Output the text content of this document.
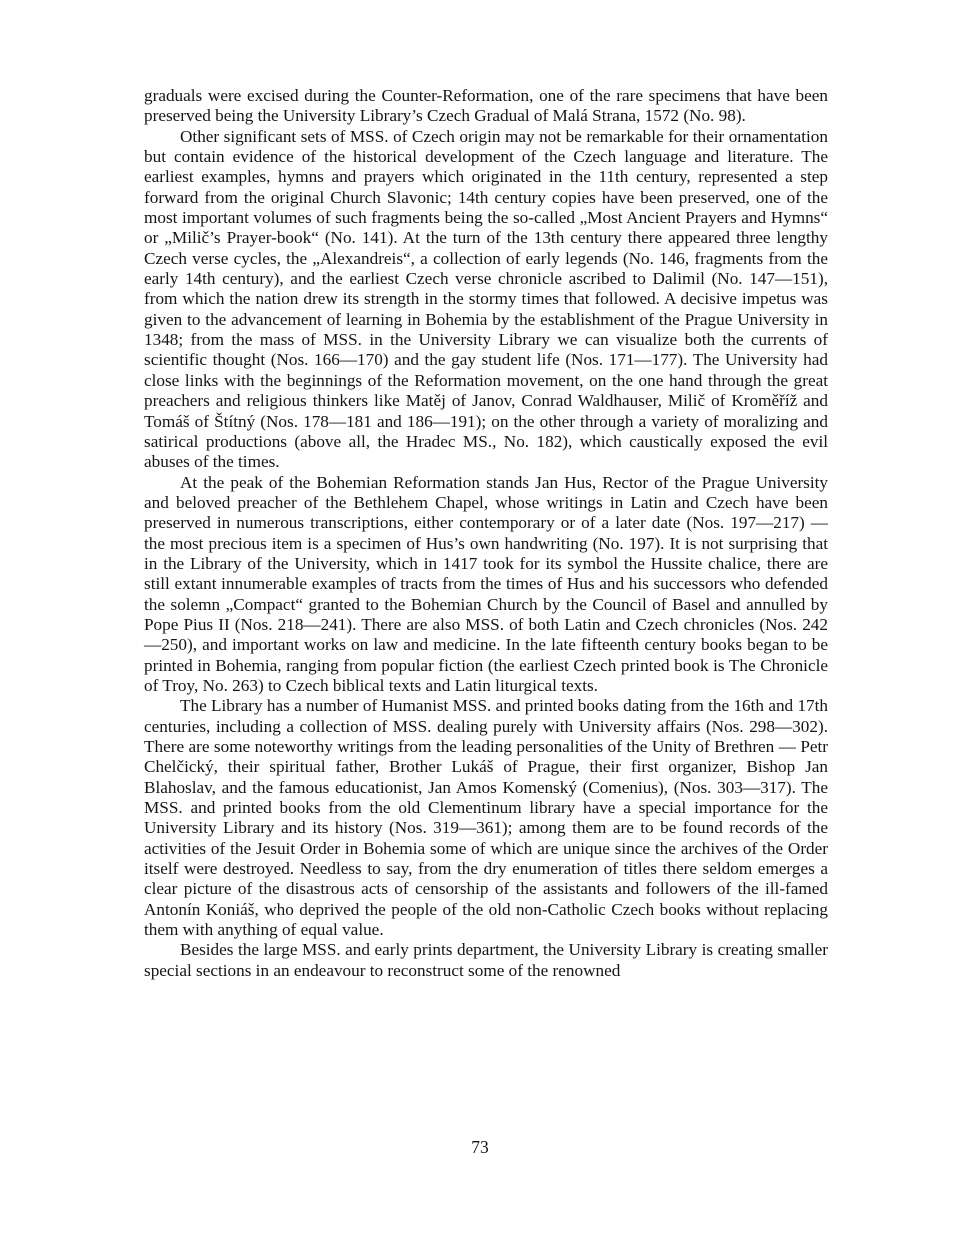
graduals were excised during the Counter-Reformation, one of the rare specimens that have been preserved being the University Library’s Czech Gradual of Malá Strana, 1572 (No. 98).

Other significant sets of MSS. of Czech origin may not be remarkable for their ornamentation but contain evidence of the historical development of the Czech language and literature. The earliest examples, hymns and prayers which originated in the 11th century, represented a step forward from the original Church Slavonic; 14th century copies have been preserved, one of the most important volumes of such fragments being the so-called „Most Ancient Prayers and Hymns“ or „Milič’s Prayer-book“ (No. 141). At the turn of the 13th century there appeared three lengthy Czech verse cycles, the „Alexandreis“, a collection of early legends (No. 146, fragments from the early 14th century), and the earliest Czech verse chronicle ascribed to Dalimil (No. 147—151), from which the nation drew its strength in the stormy times that followed. A decisive impetus was given to the advancement of learning in Bohemia by the establishment of the Prague University in 1348; from the mass of MSS. in the University Library we can visualize both the currents of scientific thought (Nos. 166—170) and the gay student life (Nos. 171—177). The University had close links with the beginnings of the Reformation movement, on the one hand through the great preachers and religious thinkers like Matěj of Janov, Conrad Waldhauser, Milič of Kroměříž and Tomáš of Štítný (Nos. 178—181 and 186—191); on the other through a variety of moralizing and satirical productions (above all, the Hradec MS., No. 182), which caustically exposed the evil abuses of the times.

At the peak of the Bohemian Reformation stands Jan Hus, Rector of the Prague University and beloved preacher of the Bethlehem Chapel, whose writings in Latin and Czech have been preserved in numerous transcriptions, either contemporary or of a later date (Nos. 197—217) — the most precious item is a specimen of Hus’s own handwriting (No. 197). It is not surprising that in the Library of the University, which in 1417 took for its symbol the Hussite chalice, there are still extant innumerable examples of tracts from the times of Hus and his successors who defended the solemn „Compact“ granted to the Bohemian Church by the Council of Basel and annulled by Pope Pius II (Nos. 218—241). There are also MSS. of both Latin and Czech chronicles (Nos. 242—250), and important works on law and medicine. In the late fifteenth century books began to be printed in Bohemia, ranging from popular fiction (the earliest Czech printed book is The Chronicle of Troy, No. 263) to Czech biblical texts and Latin liturgical texts.

The Library has a number of Humanist MSS. and printed books dating from the 16th and 17th centuries, including a collection of MSS. dealing purely with University affairs (Nos. 298—302). There are some noteworthy writings from the leading personalities of the Unity of Brethren — Petr Chelčický, their spiritual father, Brother Lukáš of Prague, their first organizer, Bishop Jan Blahoslav, and the famous educationist, Jan Amos Komenský (Comenius), (Nos. 303—317). The MSS. and printed books from the old Clementinum library have a special importance for the University Library and its history (Nos. 319—361); among them are to be found records of the activities of the Jesuit Order in Bohemia some of which are unique since the archives of the Order itself were destroyed. Needless to say, from the dry enumeration of titles there seldom emerges a clear picture of the disastrous acts of censorship of the assistants and followers of the ill-famed Antonín Koniáš, who deprived the people of the old non-Catholic Czech books without replacing them with anything of equal value.

Besides the large MSS. and early prints department, the University Library is creating smaller special sections in an endeavour to reconstruct some of the renowned

73
